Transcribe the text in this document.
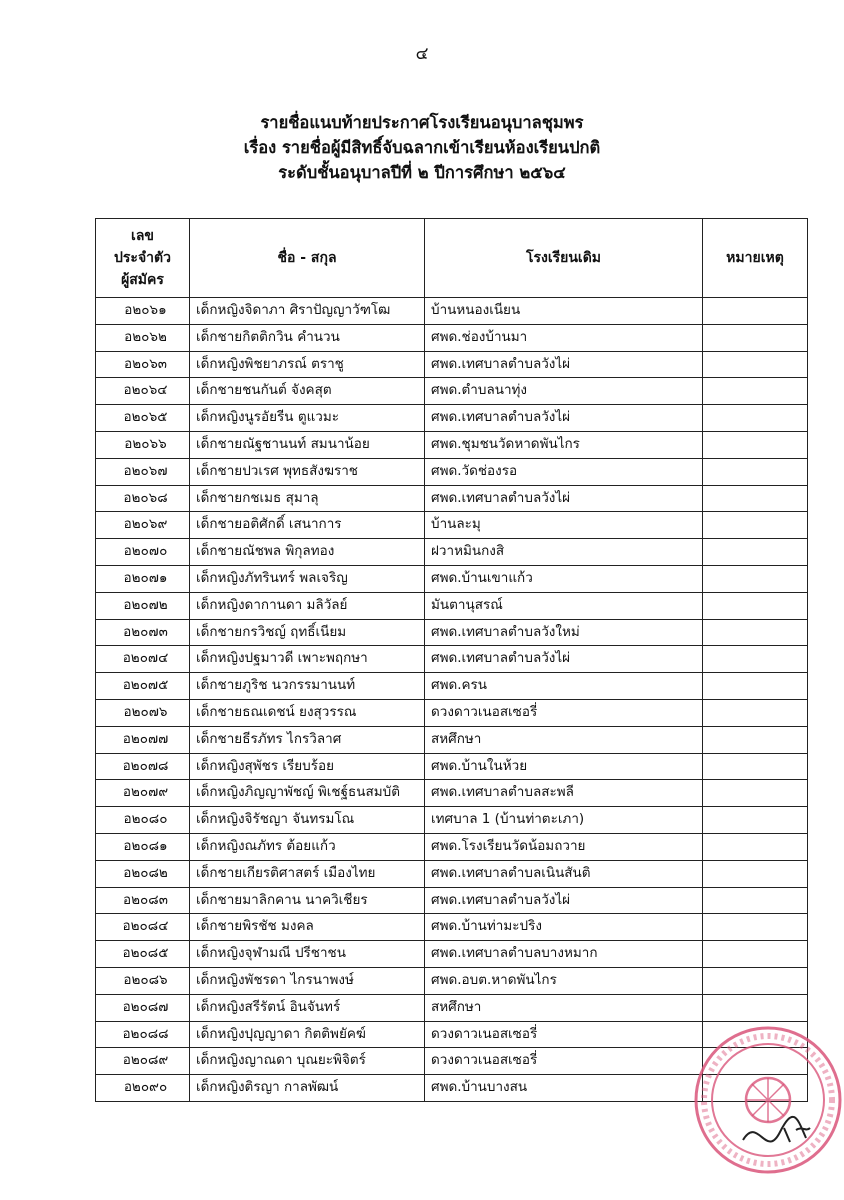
๔
รายชื่อแนบท้ายประกาศโรงเรียนอนุบาลชุมพร
เรื่อง รายชื่อผู้มีสิทธิ์จับฉลากเข้าเรียนห้องเรียนปกติ
ระดับชั้นอนุบาลปีที่ ๒ ปีการศึกษา ๒๕๖๔
เลข ประจำตัว ผู้สมัคร	ชื่อ - สกุล	โรงเรียนเดิม	หมายเหตุ
อ๒๐๖๑	เด็กหญิงจิดาภา ศิราปัญญาวัฑโฒ	บ้านหนองเนียน	
อ๒๐๖๒	เด็กชายกิตติกวิน คำนวน	ศพด.ช่องบ้านมา	
อ๒๐๖๓	เด็กหญิงพิชยาภรณ์ ตราชู	ศพด.เทศบาลตำบลวังไผ่	
อ๒๐๖๔	เด็กชายชนกันต์ จังคสุต	ศพด.ตำบลนาทุ่ง	
อ๒๐๖๕	เด็กหญิงนูรอัยรีน ตูแวมะ	ศพด.เทศบาลตำบลวังไผ่	
อ๒๐๖๖	เด็กชายณัฐชานนท์ สมนาน้อย	ศพด.ชุมชนวัดหาดพันไกร	
อ๒๐๖๗	เด็กชายปวเรศ พุทธสังฆราช	ศพด.วัดช่องรอ	
อ๒๐๖๘	เด็กชายกชเมธ สุมาลุ	ศพด.เทศบาลตำบลวังไผ่	
อ๒๐๖๙	เด็กชายอติศักดิ์ เสนาการ	บ้านละมุ	
อ๒๐๗๐	เด็กชายณัชพล พิกุลทอง	ฝวาหมินกงสิ	
อ๒๐๗๑	เด็กหญิงภัทรินทร์ พลเจริญ	ศพด.บ้านเขาแก้ว	
อ๒๐๗๒	เด็กหญิงดากานดา มลิวัลย์	มันตานุสรณ์	
อ๒๐๗๓	เด็กชายกรวิชญ์ ฤทธิ์เนียม	ศพด.เทศบาลตำบลวังใหม่	
อ๒๐๗๔	เด็กหญิงปฐมาวดี เพาะพฤกษา	ศพด.เทศบาลตำบลวังไผ่	
อ๒๐๗๕	เด็กชายภูริช นวกรรมานนท์	ศพด.ครน	
อ๒๐๗๖	เด็กชายธณเดชน์ ยงสุวรรณ	ดวงดาวเนอสเซอรี่	
อ๒๐๗๗	เด็กชายธีรภัทร ไกรวิลาศ	สหศึกษา	
อ๒๐๗๘	เด็กหญิงสุพัชร เรียบร้อย	ศพด.บ้านในห้วย	
อ๒๐๗๙	เด็กหญิงภิญญาพัชญ์ พิเชฐ์ธนสมบัติ	ศพด.เทศบาลตำบลสะพลี	
อ๒๐๘๐	เด็กหญิงจิรัชญา จันทรมโณ	เทศบาล 1 (บ้านท่าตะเภา)	
อ๒๐๘๑	เด็กหญิงณภัทร ต้อยแก้ว	ศพด.โรงเรียนวัดน้อมถวาย	
อ๒๐๘๒	เด็กชายเกียรติศาสตร์ เมืองไทย	ศพด.เทศบาลตำบลเนินสันติ	
อ๒๐๘๓	เด็กชายมาลิกคาน นาควิเชียร	ศพด.เทศบาลตำบลวังไผ่	
อ๒๐๘๔	เด็กชายพิรชัช มงคล	ศพด.บ้านท่ามะปริง	
อ๒๐๘๕	เด็กหญิงจุฬามณี ปรีชาชน	ศพด.เทศบาลตำบลบางหมาก	
อ๒๐๘๖	เด็กหญิงพัชรดา ไกรนาพงษ์	ศพด.อบต.หาดพันไกร	
อ๒๐๘๗	เด็กหญิงสรีรัตน์ อินจันทร์	สหศึกษา	
อ๒๐๘๘	เด็กหญิงปุญญาดา กิตติพยัคฆ์	ดวงดาวเนอสเซอรี่	
อ๒๐๘๙	เด็กหญิงญาณดา บุณยะพิจิตร์	ดวงดาวเนอสเซอรี่	
อ๒๐๙๐	เด็กหญิงติรญา กาลพัฒน์	ศพด.บ้านบางสน	
